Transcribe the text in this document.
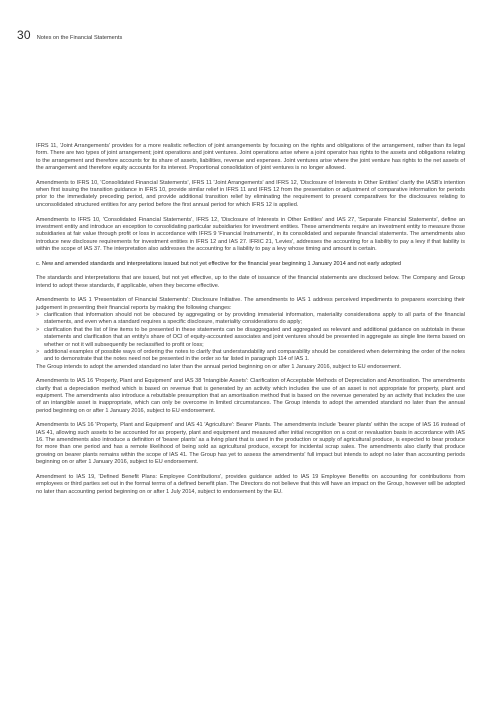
30 Notes on the Financial Statements

IFRS 11, 'Joint Arrangements' provides for a more realistic reflection of joint arrangements by focusing on the rights and obligations of the arrangement, rather than its legal form. There are two types of joint arrangement; joint operations and joint ventures. Joint operations arise where a joint operator has rights to the assets and obligations relating to the arrangement and therefore accounts for its share of assets, liabilities, revenue and expenses. Joint ventures arise where the joint venture has rights to the net assets of the arrangement and therefore equity accounts for its interest. Proportional consolidation of joint ventures is no longer allowed.

Amendments to IFRS 10, 'Consolidated Financial Statements', IFRS 11 'Joint Arrangements' and IFRS 12, 'Disclosure of Interests in Other Entities' clarify the IASB's intention when first issuing the transition guidance in IFRS 10, provide similar relief in IFRS 11 and IFRS 12 from the presentation or adjustment of comparative information for periods prior to the immediately preceding period, and provide additional transition relief by eliminating the requirement to present comparatives for the disclosures relating to unconsolidated structured entities for any period before the first annual period for which IFRS 12 is applied.

Amendments to IFRS 10, 'Consolidated Financial Statements', IFRS 12, 'Disclosure of Interests in Other Entities' and IAS 27, 'Separate Financial Statements', define an investment entity and introduce an exception to consolidating particular subsidiaries for investment entities. These amendments require an investment entity to measure those subsidiaries at fair value through profit or loss in accordance with IFRS 9 'Financial Instruments', in its consolidated and separate financial statements. The amendments also introduce new disclosure requirements for investment entities in IFRS 12 and IAS 27. IFRIC 21, 'Levies', addresses the accounting for a liability to pay a levy if that liability is within the scope of IAS 37. The interpretation also addresses the accounting for a liability to pay a levy whose timing and amount is certain.

c. New and amended standards and interpretations issued but not yet effective for the financial year beginning 1 January 2014 and not early adopted

The standards and interpretations that are issued, but not yet effective, up to the date of issuance of the financial statements are disclosed below. The Company and Group intend to adopt these standards, if applicable, when they become effective.

Amendments to IAS 1 'Presentation of Financial Statements': Disclosure Initiative. The amendments to IAS 1 address perceived impediments to preparers exercising their judgement in presenting their financial reports by making the following changes:

> clarification that information should not be obscured by aggregating or by providing immaterial information, materiality considerations apply to all parts of the financial statements, and even when a standard requires a specific disclosure, materiality considerations do apply;
> clarification that the list of line items to be presented in these statements can be disaggregated and aggregated as relevant and additional guidance on subtotals in these statements and clarification that an entity's share of OCI of equity-accounted associates and joint ventures should be presented in aggregate as single line items based on whether or not it will subsequently be reclassified to profit or loss;
> additional examples of possible ways of ordering the notes to clarify that understandability and comparability should be considered when determining the order of the notes and to demonstrate that the notes need not be presented in the order so far listed in paragraph 114 of IAS 1.

The Group intends to adopt the amended standard no later than the annual period beginning on or after 1 January 2016, subject to EU endorsement.

Amendments to IAS 16 'Property, Plant and Equipment' and IAS 38 'Intangible Assets': Clarification of Acceptable Methods of Depreciation and Amortisation. The amendments clarify that a depreciation method which is based on revenue that is generated by an activity which includes the use of an asset is not appropriate for property, plant and equipment. The amendments also introduce a rebuttable presumption that an amortisation method that is based on the revenue generated by an activity that includes the use of an intangible asset is inappropriate, which can only be overcome in limited circumstances. The Group intends to adopt the amended standard no later than the annual period beginning on or after 1 January 2016, subject to EU endorsement.

Amendments to IAS 16 'Property, Plant and Equipment' and IAS 41 'Agriculture': Bearer Plants. The amendments include 'bearer plants' within the scope of IAS 16 instead of IAS 41, allowing such assets to be accounted for as property, plant and equipment and measured after initial recognition on a cost or revaluation basis in accordance with IAS 16. The amendments also introduce a definition of 'bearer plants' as a living plant that is used in the production or supply of agricultural produce, is expected to bear produce for more than one period and has a remote likelihood of being sold as agricultural produce, except for incidental scrap sales. The amendments also clarify that produce growing on bearer plants remains within the scope of IAS 41. The Group has yet to assess the amendments' full impact but intends to adopt no later than accounting periods beginning on or after 1 January 2016, subject to EU endorsement.

Amendment to IAS 19, 'Defined Benefit Plans: Employee Contributions', provides guidance added to IAS 19 Employee Benefits on accounting for contributions from employees or third parties set out in the formal terms of a defined benefit plan. The Directors do not believe that this will have an impact on the Group, however will be adopted no later than accounting period beginning on or after 1 July 2014, subject to endorsement by the EU.
